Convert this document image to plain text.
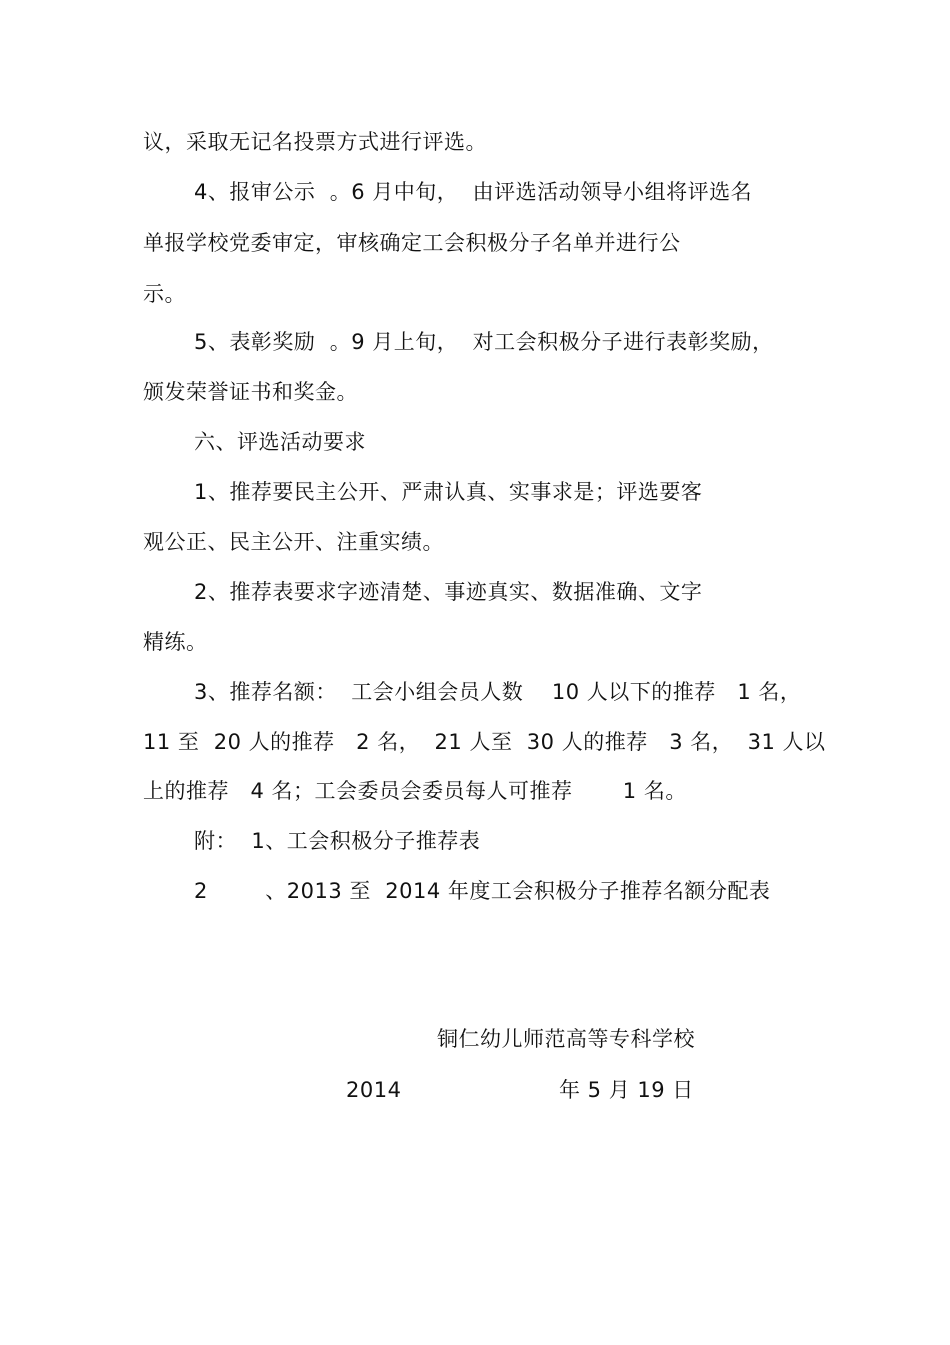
议，采取无记名投票方式进行评选。
4、报审公示  。6 月中旬，  由评选活动领导小组将评选名
单报学校党委审定，审核确定工会积极分子名单并进行公
示。
5、表彰奖励  。9 月上旬，  对工会积极分子进行表彰奖励，
颁发荣誉证书和奖金。
六、评选活动要求
1、推荐要民主公开、严肃认真、实事求是；评选要客
观公正、民主公开、注重实绩。
2、推荐表要求字迹清楚、事迹真实、数据准确、文字
精练。
3、推荐名额：  工会小组会员人数    10 人以下的推荐   1 名，
11 至  20 人的推荐   2 名，  21 人至  30 人的推荐   3 名，  31 人以
上的推荐   4 名；工会委员会委员每人可推荐       1 名。
附：  1、工会积极分子推荐表
2        、2013 至  2014 年度工会积极分子推荐名额分配表
铜仁幼儿师范高等专科学校
2014	年 5 月 19 日
